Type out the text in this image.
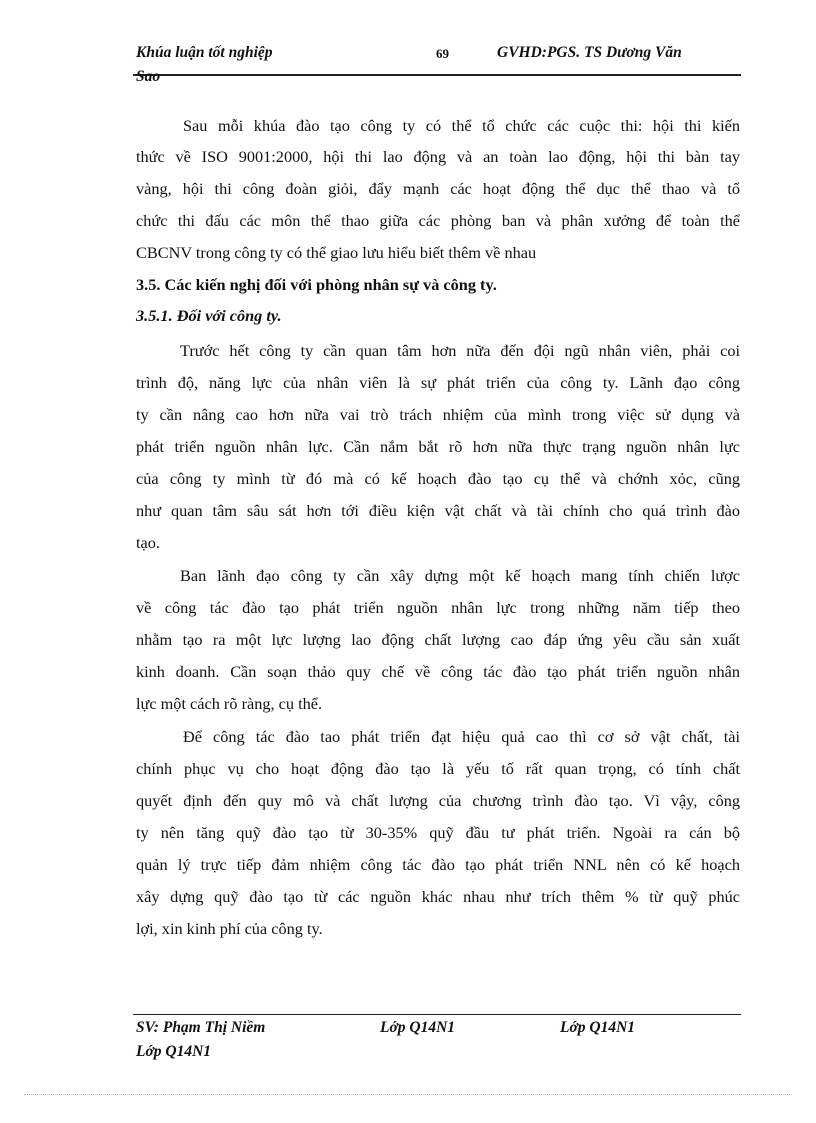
Khúa luận tốt nghiệp	69	GVHD:PGS. TS Dương Văn
Sao
Sau mỗi khúa đào tạo công ty có thể tổ chức các cuộc thi: hội thi kiến
thức về ISO 9001:2000, hội thi lao động và an toàn lao động, hội thi bàn tay
vàng, hội thi công đoàn giỏi, đẩy mạnh các hoạt động thể dục thể thao và tổ
chức thi đấu các môn thể thao giữa các phòng ban và phân xưởng để toàn thể
CBCNV trong công ty có thể giao lưu hiểu biết thêm về nhau
3.5. Các kiến nghị đối với phòng nhân sự và công ty.
3.5.1. Đối với công ty.
Trước hết công ty cần quan tâm hơn nữa đến đội ngũ nhân viên, phải coi
trình độ, năng lực của nhân viên là sự phát triển của công ty. Lãnh đạo công
ty cần nâng cao hơn nữa vai trò trách nhiệm của mình trong việc sử dụng và
phát triển nguồn nhân lực. Cần nắm bắt rõ hơn nữa thực trạng nguồn nhân lực
của công ty mình từ đó mà có kế hoạch đào tạo cụ thể và chớnh xỏc, cũng
như quan tâm sâu sát hơn tới điều kiện vật chất và tài chính cho quá trình đào
tạo.
Ban lãnh đạo công ty cần xây dựng một kế hoạch mang tính chiến lược
về công tác đào tạo phát triển nguồn nhân lực trong những năm tiếp theo
nhằm tạo ra một lực lượng lao động chất lượng cao đáp ứng yêu cầu sản xuất
kinh doanh. Cần soạn thảo quy chế về công tác đào tạo phát triển nguồn nhân
lực một cách rõ ràng, cụ thể.
Để công tác đào tao phát triển đạt hiệu quả cao thì cơ sở vật chất, tài
chính phục vụ cho hoạt động đào tạo là yếu tố rất quan trọng, có tính chất
quyết định đến quy mô và chất lượng của chương trình đào tạo. Vì vậy, công
ty nên tăng quỹ đào tạo từ 30-35% quỹ đầu tư phát triển. Ngoài ra cán bộ
quản lý trực tiếp đảm nhiệm công tác đào tạo phát triển NNL nên có kế hoạch
xây dựng quỹ đào tạo từ các nguồn khác nhau như trích thêm % từ quỹ phúc
lợi, xin kinh phí của công ty.
SV: Phạm Thị Niềm	Lớp Q14N1	Lớp Q14N1
Lớp Q14N1
